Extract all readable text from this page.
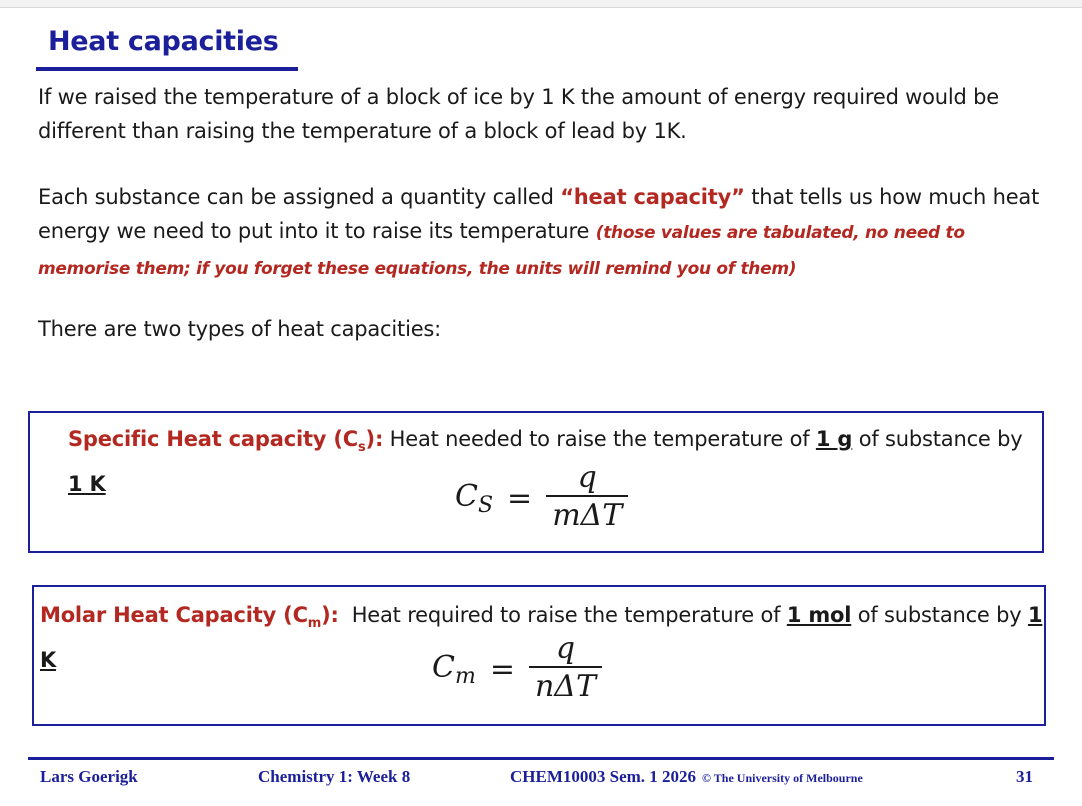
Heat capacities
If we raised the temperature of a block of ice by 1 K the amount of energy required would be different than raising the temperature of a block of lead by 1K.
Each substance can be assigned a quantity called “heat capacity” that tells us how much heat energy we need to put into it to raise its temperature (those values are tabulated, no need to memorise them; if you forget these equations, the units will remind you of them)
There are two types of heat capacities:
Specific Heat capacity $(C_s)$: Heat needed to raise the temperature of 1 g of substance by 1 K	$C_S = \frac{q}{\text{mΔT}}$
Molar Heat Capacity $(C_m)$:  Heat required to raise the temperature of 1 mol of substance by 1 K	$C_m = \frac{q}{\text{nΔT}}$
Lars Goerigk	Chemistry 1: Week 8	CHEM10003 Sem. 1 2026 © The University of Melbourne	31
